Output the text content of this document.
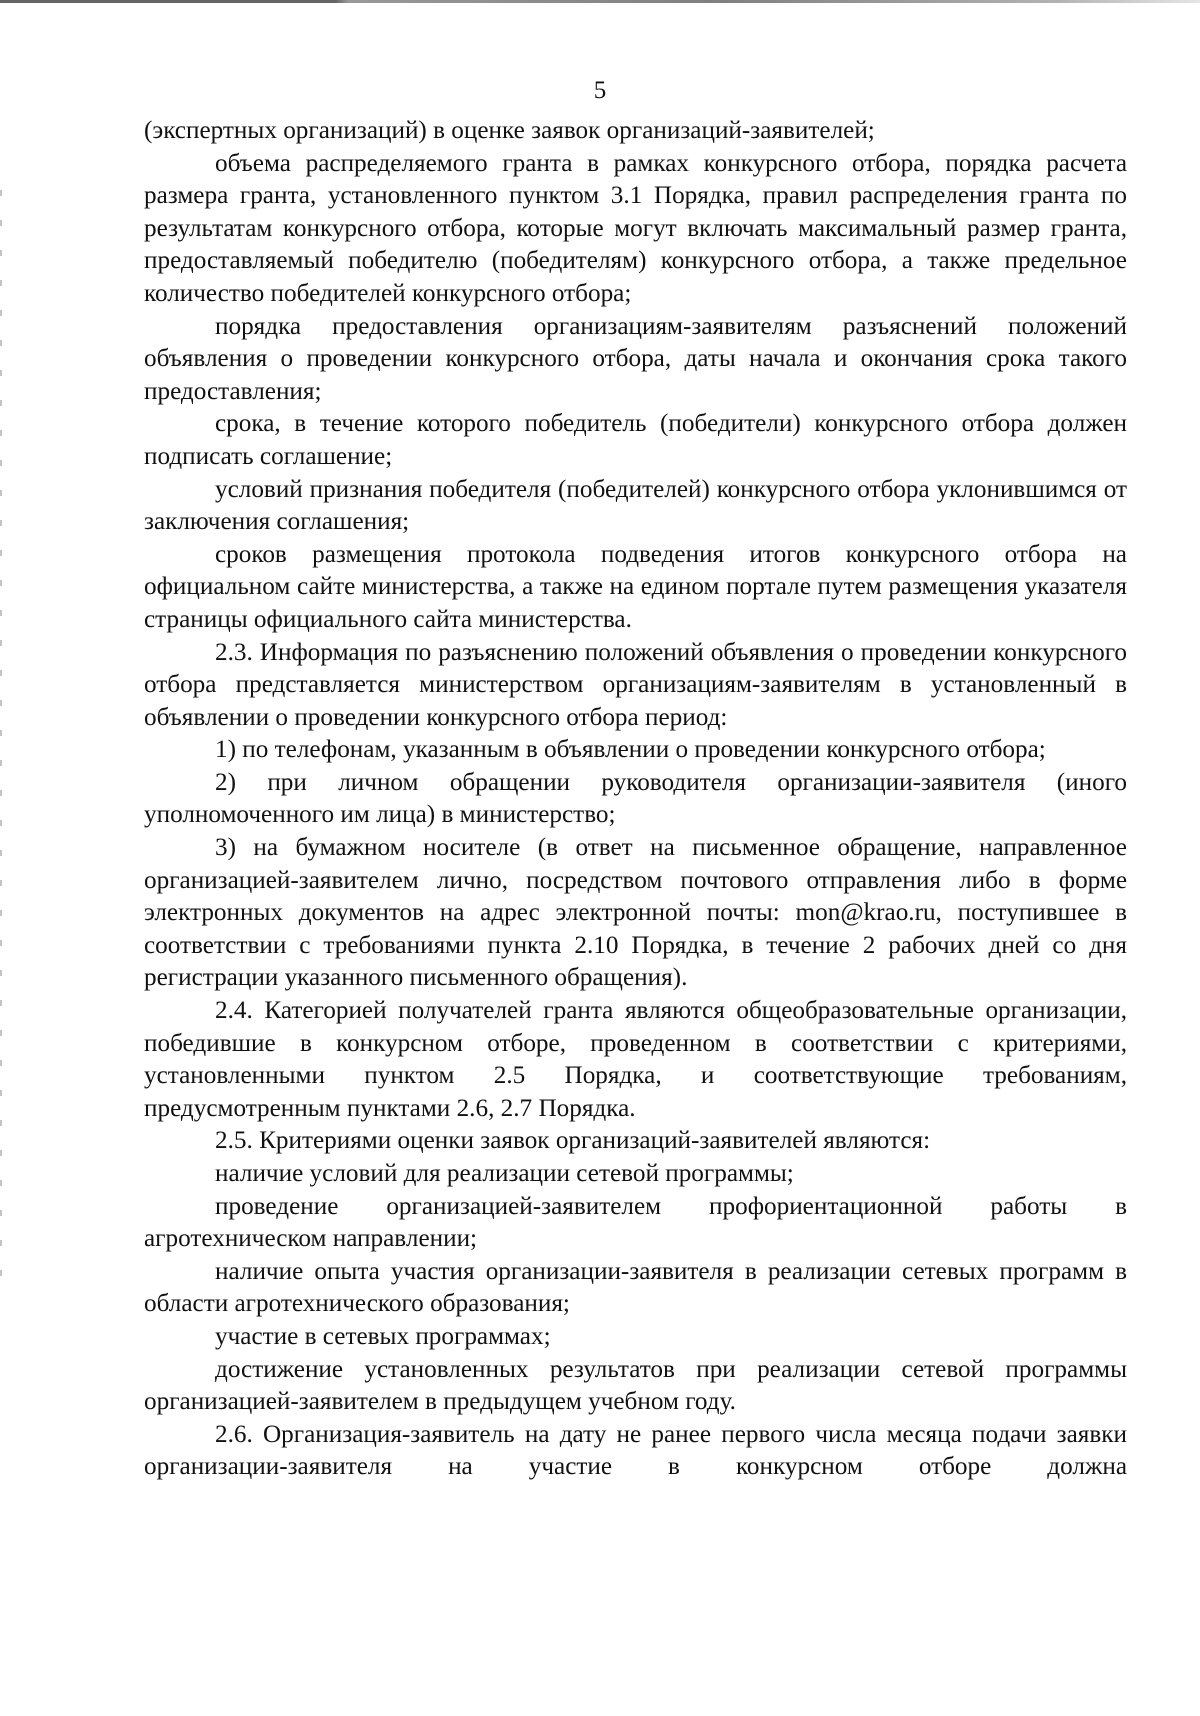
5

(экспертных организаций) в оценке заявок организаций-заявителей;

объема распределяемого гранта в рамках конкурсного отбора, порядка расчета размера гранта, установленного пунктом 3.1 Порядка, правил распределения гранта по результатам конкурсного отбора, которые могут включать максимальный размер гранта, предоставляемый победителю (победителям) конкурсного отбора, а также предельное количество победителей конкурсного отбора;

порядка предоставления организациям-заявителям разъяснений положений объявления о проведении конкурсного отбора, даты начала и окончания срока такого предоставления;

срока, в течение которого победитель (победители) конкурсного отбора должен подписать соглашение;

условий признания победителя (победителей) конкурсного отбора уклонившимся от заключения соглашения;

сроков размещения протокола подведения итогов конкурсного отбора на официальном сайте министерства, а также на едином портале путем размещения указателя страницы официального сайта министерства.

2.3. Информация по разъяснению положений объявления о проведении конкурсного отбора представляется министерством организациям-заявителям в установленный в объявлении о проведении конкурсного отбора период:

1) по телефонам, указанным в объявлении о проведении конкурсного отбора;

2) при личном обращении руководителя организации-заявителя (иного уполномоченного им лица) в министерство;

3) на бумажном носителе (в ответ на письменное обращение, направленное организацией-заявителем лично, посредством почтового отправления либо в форме электронных документов на адрес электронной почты: mon@krao.ru, поступившее в соответствии с требованиями пункта 2.10 Порядка, в течение 2 рабочих дней со дня регистрации указанного письменного обращения).

2.4. Категорией получателей гранта являются общеобразовательные организации, победившие в конкурсном отборе, проведенном в соответствии с критериями, установленными пунктом 2.5 Порядка, и соответствующие требованиям, предусмотренным пунктами 2.6, 2.7 Порядка.

2.5. Критериями оценки заявок организаций-заявителей являются:

наличие условий для реализации сетевой программы;

проведение организацией-заявителем профориентационной работы в агротехническом направлении;

наличие опыта участия организации-заявителя в реализации сетевых программ в области агротехнического образования;

участие в сетевых программах;

достижение установленных результатов при реализации сетевой программы организацией-заявителем в предыдущем учебном году.

2.6. Организация-заявитель на дату не ранее первого числа месяца подачи заявки организации-заявителя на участие в конкурсном отборе должна
